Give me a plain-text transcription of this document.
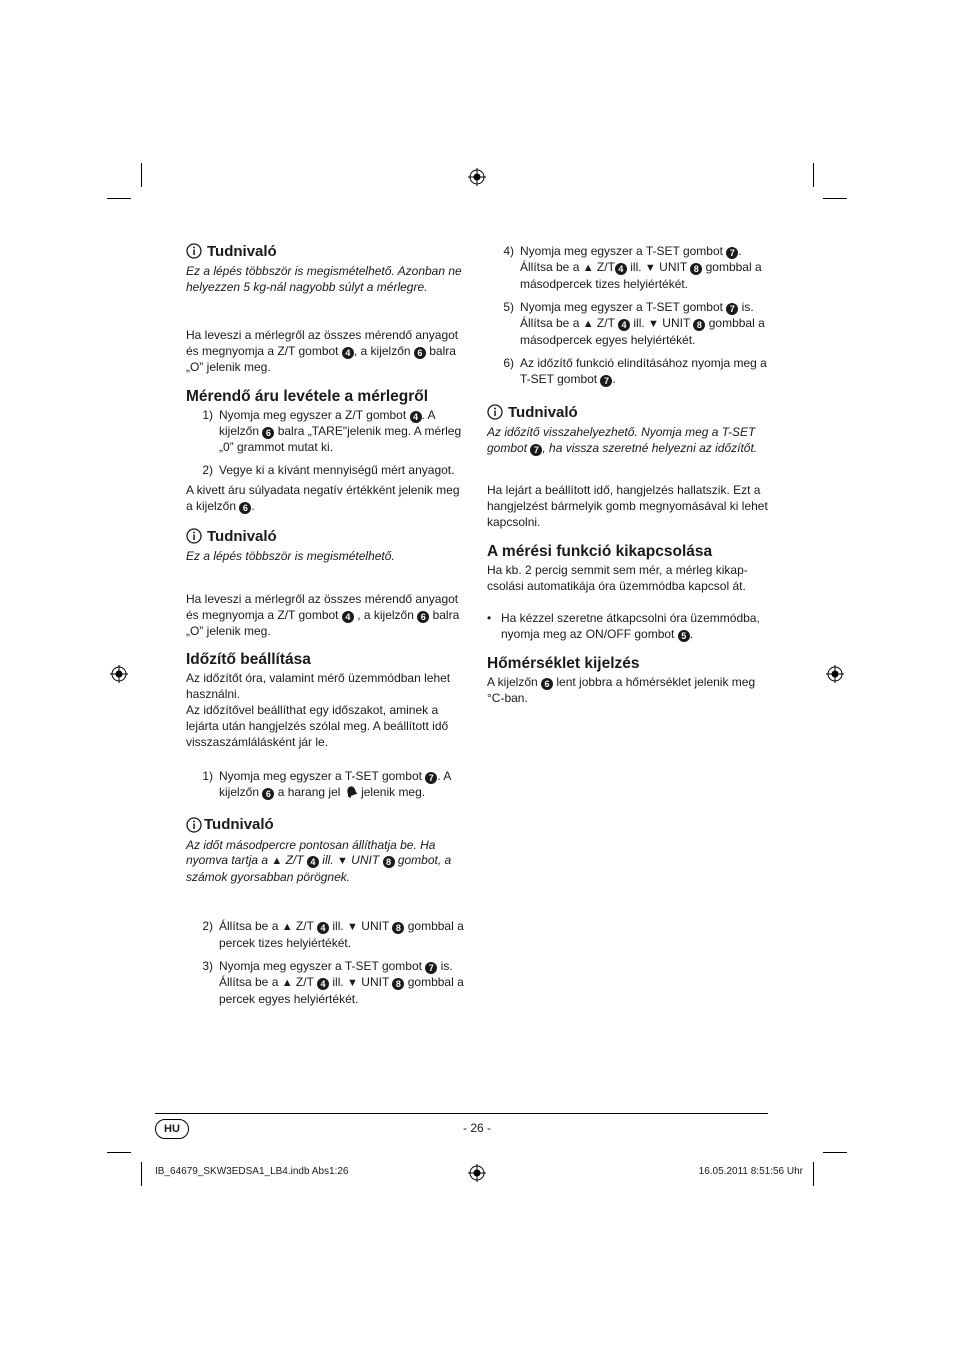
Tudnivaló

Ez a lépés többször is megismételhető. Azonban ne helyezzen 5 kg-nál nagyobb súlyt a mérlegre.

Ha leveszi a mérlegről az összes mérendő anyagot és megnyomja a Z/T gombot 4 , a kijelzőn 6 balra „O” jelenik meg.

Mérendő áru levétele a mérlegről
1) Nyomja meg egyszer a Z/T gombot 4 . A kijelzőn 6 balra „TARE"jelenik meg. A mérleg „0” grammot mutat ki.
2) Vegye ki a kívánt mennyiségű mért anyagot.

A kivett áru súlyadata negatív értékként jelenik meg a kijelzőn 6 .

Tudnivaló

Ez a lépés többször is megismételhető.

Ha leveszi a mérlegről az összes mérendő anyagot és megnyomja a Z/T gombot 4 , a kijelzőn 6 balra „O” jelenik meg.

Időzítő beállítása

Az időzítőt óra, valamint mérő üzemmódban lehet használni.

Az időzítővel beállíthat egy időszakot, aminek a lejárta után hangjelzés szólal meg. A beállított idő visszaszámlálásként jár le.

1) Nyomja meg egyszer a T-SET gombot 7 . A kijelzőn 6 a harang jel  jelenik meg.
Tudnivaló

Az időt másodpercre pontosan állíthatja be. Ha nyomva tartja a ▲ Z/T 4 ill. ▼ UNIT 8 gombot, a számok gyorsabban pörögnek.

2) Állítsa be a ▲ Z/T 4 ill. ▼ UNIT 8 gombbal a percek tizes helyiértékét.
3) Nyomja meg egyszer a T-SET gombot 7 is. Állítsa be a ▲ Z/T 4 ill. ▼ UNIT 8 gombbal a percek egyes helyiértékét.
4) Nyomja meg egyszer a T-SET gombot 7 . Állítsa be a ▲ Z/T 4 ill. ▼ UNIT 8 gombbal a másodpercek tizes helyiértékét.
5) Nyomja meg egyszer a T-SET gombot 7 is. Állítsa be a ▲ Z/T 4 ill. ▼ UNIT 8 gombbal a másodpercek egyes helyiértékét.
6) Az időzítő funkció elindításához nyomja meg a T-SET gombot 7 .
Tudnivaló

Az időzítő visszahelyezhető. Nyomja meg a T-SET gombot 7 , ha vissza szeretné helyezni az időzítőt.

Ha lejárt a beállított idő, hangjelzés hallatszik. Ezt a hangjelzést bármelyik gomb megnyomásával ki lehet kapcsolni.

A mérési funkció kikapcsolása

Ha kb. 2 percig semmit sem mér, a mérleg kikap-csolási automatikája óra üzemmódba kapcsol át.

• Ha kézzel szeretne átkapcsolni óra üzemmódba, nyomja meg az ON/OFF gombot 5 .
Hőmérséklet kijelzés

A kijelzőn 6 lent jobbra a hőmérséklet jelenik meg °C-ban.

HU	- 26 -
IB_64679_SKW3EDSA1_LB4.indb Abs1:26	16.05.2011 8:51:56 Uhr
